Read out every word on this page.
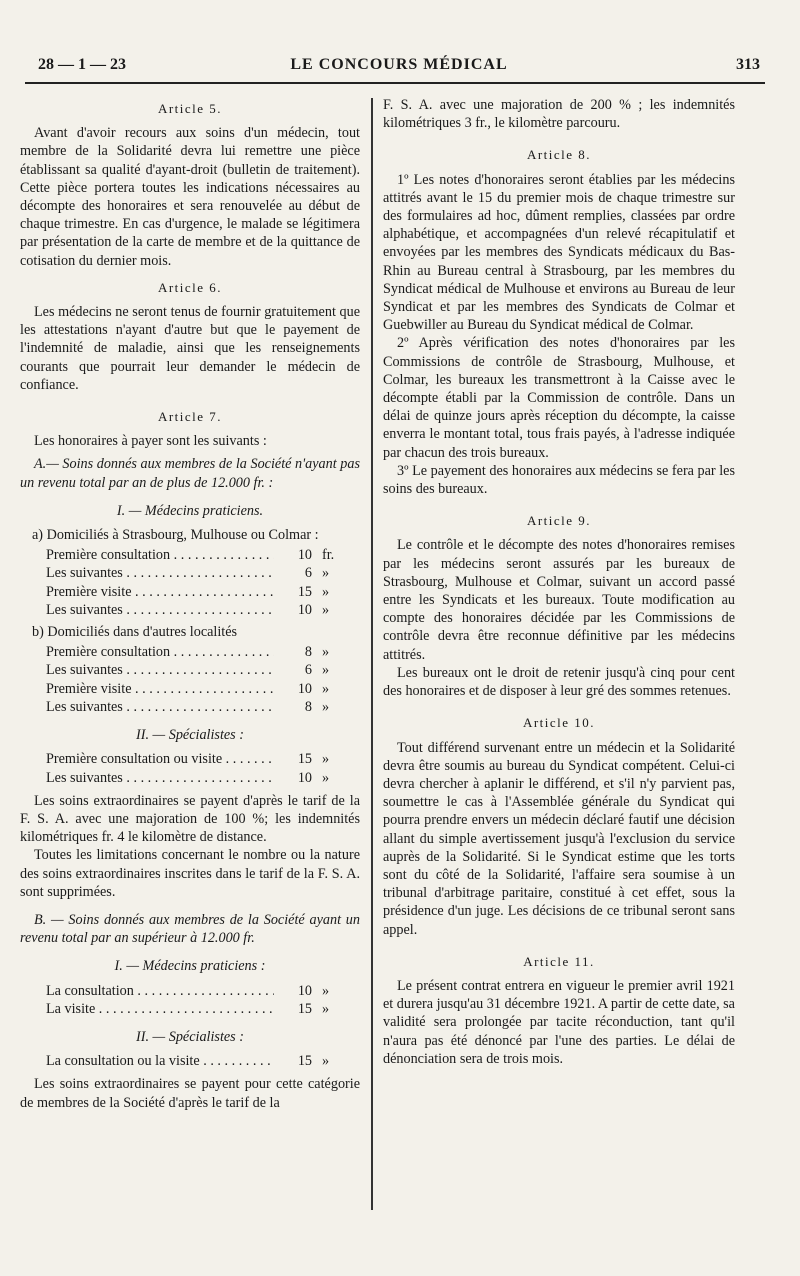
28 — 1 — 23	LE CONCOURS MÉDICAL	313
Article 5.

Avant d'avoir recours aux soins d'un médecin, tout membre de la Solidarité devra lui remettre une pièce établissant sa qualité d'ayant-droit (bulletin de traitement). Cette pièce portera toutes les indications nécessaires au décompte des honoraires et sera renouvelée au début de chaque trimestre. En cas d'urgence, le malade se légitimera par présentation de la carte de membre et de la quittance de cotisation du dernier mois.

Article 6.

Les médecins ne seront tenus de fournir gratuitement que les attestations n'ayant d'autre but que le payement de l'indemnité de maladie, ainsi que les renseignements courants que pourrait leur demander le médecin de confiance.

Article 7.

Les honoraires à payer sont les suivants :

A.— Soins donnés aux membres de la Société n'ayant pas un revenu total par an de plus de 12.000 fr. :

I. — Médecins praticiens.
a) Domiciliés à Strasbourg, Mulhouse ou Colmar :
Première consultation . . .	10 fr.
Les suivantes . . .	6 »
Première visite . . .	15 »
Les suivantes . . .	10 »
b) Domiciliés dans d'autres localités
Première consultation . . .	8 »
Les suivantes . . .	6 »
Première visite . . .	10 »
Les suivantes . . .	8 »
II. — Spécialistes :
Première consultation ou visite . . .	15 »
Les suivantes . . .	10 »

Les soins extraordinaires se payent d'après le tarif de la F. S. A. avec une majoration de 100 %; les indemnités kilométriques fr. 4 le kilomètre de distance.

Toutes les limitations concernant le nombre ou la nature des soins extraordinaires inscrites dans le tarif de la F. S. A. sont supprimées.

B. — Soins donnés aux membres de la Société ayant un revenu total par an supérieur à 12.000 fr.

I. — Médecins praticiens :
La consultation . . .	10 »
La visite . . .	15 »
II. — Spécialistes :
La consultation ou la visite . . .	15 »

Les soins extraordinaires se payent pour cette catégorie de membres de la Société d'après le tarif de la

F. S. A. avec une majoration de 200 % ; les indemnités kilométriques 3 fr., le kilomètre parcouru.

Article 8.

1º Les notes d'honoraires seront établies par les médecins attitrés avant le 15 du premier mois de chaque trimestre sur des formulaires ad hoc, dûment remplies, classées par ordre alphabétique, et accompagnées d'un relevé récapitulatif et envoyées par les membres des Syndicats médicaux du Bas-Rhin au Bureau central à Strasbourg, par les membres du Syndicat médical de Mulhouse et environs au Bureau de leur Syndicat et par les membres des Syndicats de Colmar et Guebwiller au Bureau du Syndicat médical de Colmar.

2º Après vérification des notes d'honoraires par les Commissions de contrôle de Strasbourg, Mulhouse, et Colmar, les bureaux les transmettront à la Caisse avec le décompte établi par la Commission de contrôle. Dans un délai de quinze jours après réception du décompte, la caisse enverra le montant total, tous frais payés, à l'adresse indiquée par chacun des trois bureaux.

3º Le payement des honoraires aux médecins se fera par les soins des bureaux.

Article 9.

Le contrôle et le décompte des notes d'honoraires remises par les médecins seront assurés par les bureaux de Strasbourg, Mulhouse et Colmar, suivant un accord passé entre les Syndicats et les bureaux. Toute modification au compte des honoraires décidée par les Commissions de contrôle devra être reconnue définitive par les médecins attitrés.

Les bureaux ont le droit de retenir jusqu'à cinq pour cent des honoraires et de disposer à leur gré des sommes retenues.

Article 10.

Tout différend survenant entre un médecin et la Solidarité devra être soumis au bureau du Syndicat compétent. Celui-ci devra chercher à aplanir le différend, et s'il n'y parvient pas, soumettre le cas à l'Assemblée générale du Syndicat qui pourra prendre envers un médecin déclaré fautif une décision allant du simple avertissement jusqu'à l'exclusion du service auprès de la Solidarité. Si le Syndicat estime que les torts sont du côté de la Solidarité, l'affaire sera soumise à un tribunal d'arbitrage paritaire, constitué à cet effet, sous la présidence d'un juge. Les décisions de ce tribunal seront sans appel.

Article 11.

Le présent contrat entrera en vigueur le premier avril 1921 et durera jusqu'au 31 décembre 1921. A partir de cette date, sa validité sera prolongée par tacite réconduction, tant qu'il n'aura pas été dénoncé par l'une des parties. Le délai de dénonciation sera de trois mois.
